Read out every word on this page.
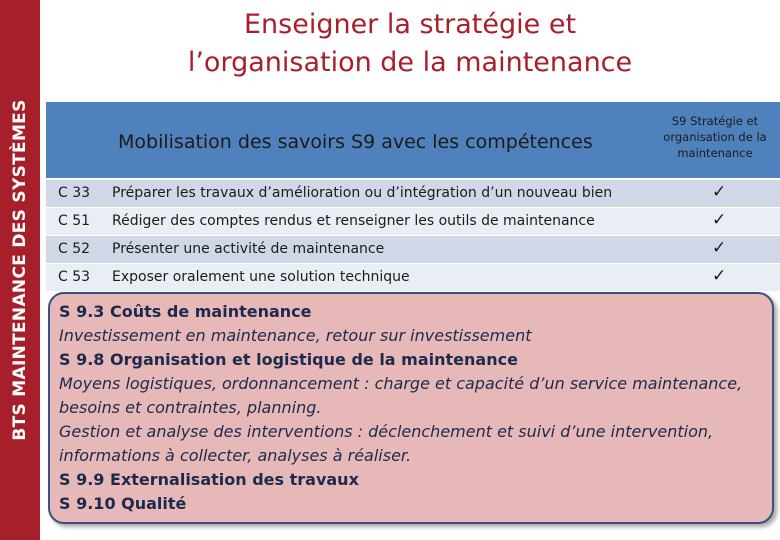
BTS MAINTENANCE DES SYSTÈMES
Enseigner la stratégie et
l’organisation de la maintenance
Mobilisation des savoirs S9 avec les compétences
S9 Stratégie et
organisation de la
maintenance
C 33 Préparer les travaux d’amélioration ou d’intégration d’un nouveau bien	✓
C 51 Rédiger des comptes rendus et renseigner les outils de maintenance	✓
C 52 Présenter une activité de maintenance	✓
C 53 Exposer oralement une solution technique	✓
S 9.3 Coûts de maintenance
Investissement en maintenance, retour sur investissement
S 9.8 Organisation et logistique de la maintenance
Moyens logistiques, ordonnancement : charge et capacité d’un service maintenance,
besoins et contraintes, planning.
Gestion et analyse des interventions : déclenchement et suivi d’une intervention,
informations à collecter, analyses à réaliser.
S 9.9 Externalisation des travaux
S 9.10 Qualité
